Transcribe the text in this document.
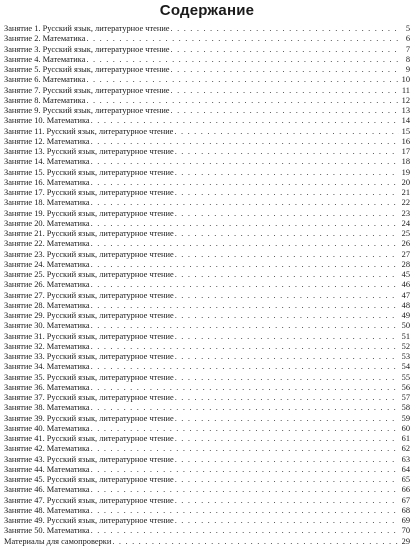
Содержание
Занятие 1. Русский язык, литературное чтение . . .	5
Занятие 2. Математика . . .	6
Занятие 3. Русский язык, литературное чтение . . .	7
Занятие 4. Математика . . .	8
Занятие 5. Русский язык, литературное чтение . . .	9
Занятие 6. Математика . . .	10
Занятие 7. Русский язык, литературное чтение . . .	11
Занятие 8. Математика . . .	12
Занятие 9. Русский язык, литературное чтение . . .	13
Занятие 10. Математика . . .	14
Занятие 11. Русский язык, литературное чтение . . .	15
Занятие 12. Математика . . .	16
Занятие 13. Русский язык, литературное чтение . . .	17
Занятие 14. Математика . . .	18
Занятие 15. Русский язык, литературное чтение . . .	19
Занятие 16. Математика . . .	20
Занятие 17. Русский язык, литературное чтение . . .	21
Занятие 18. Математика . . .	22
Занятие 19. Русский язык, литературное чтение . . .	23
Занятие 20. Математика . . .	24
Занятие 21. Русский язык, литературное чтение . . .	25
Занятие 22. Математика . . .	26
Занятие 23. Русский язык, литературное чтение . . .	27
Занятие 24. Математика . . .	28
Занятие 25. Русский язык, литературное чтение . . .	45
Занятие 26. Математика . . .	46
Занятие 27. Русский язык, литературное чтение . . .	47
Занятие 28. Математика . . .	48
Занятие 29. Русский язык, литературное чтение . . .	49
Занятие 30. Математика . . .	50
Занятие 31. Русский язык, литературное чтение . . .	51
Занятие 32. Математика . . .	52
Занятие 33. Русский язык, литературное чтение . . .	53
Занятие 34. Математика . . .	54
Занятие 35. Русский язык, литературное чтение . . .	55
Занятие 36. Математика . . .	56
Занятие 37. Русский язык, литературное чтение . . .	57
Занятие 38. Математика . . .	58
Занятие 39. Русский язык, литературное чтение . . .	59
Занятие 40. Математика . . .	60
Занятие 41. Русский язык, литературное чтение . . .	61
Занятие 42. Математика . . .	62
Занятие 43. Русский язык, литературное чтение . . .	63
Занятие 44. Математика . . .	64
Занятие 45. Русский язык, литературное чтение . . .	65
Занятие 46. Математика . . .	66
Занятие 47. Русский язык, литературное чтение . . .	67
Занятие 48. Математика . . .	68
Занятие 49. Русский язык, литературное чтение . . .	69
Занятие 50. Математика . . .	70
Материалы для самопроверки . . .	29
